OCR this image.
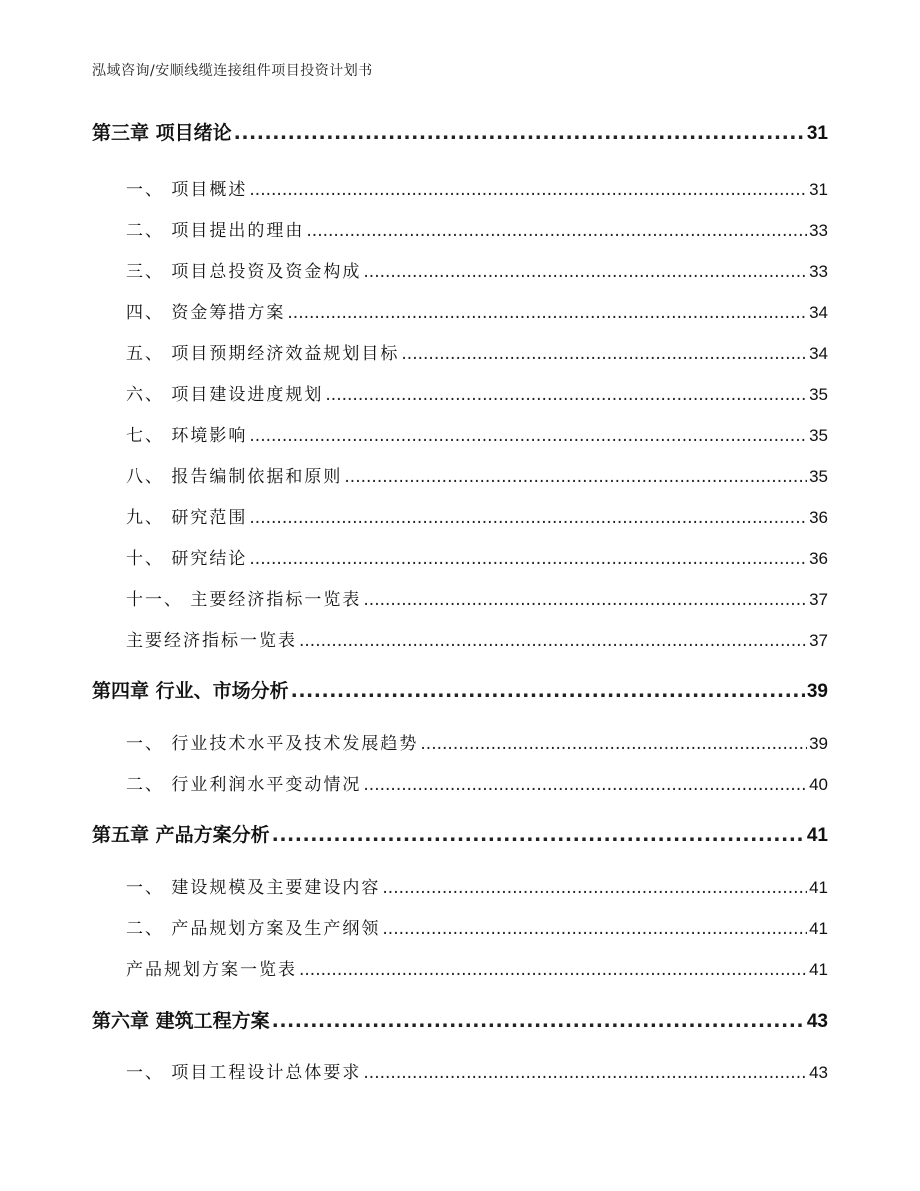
泓域咨询/安顺线缆连接组件项目投资计划书
第三章 项目绪论 .....	31
一、 项目概述 .....	31
二、 项目提出的理由 .....	33
三、 项目总投资及资金构成 .....	33
四、 资金筹措方案 .....	34
五、 项目预期经济效益规划目标 .....	34
六、 项目建设进度规划 .....	35
七、 环境影响 .....	35
八、 报告编制依据和原则 .....	35
九、 研究范围 .....	36
十、 研究结论 .....	36
十一、 主要经济指标一览表 .....	37
主要经济指标一览表 .....	37
第四章 行业、市场分析 .....	39
一、 行业技术水平及技术发展趋势 .....	39
二、 行业利润水平变动情况 .....	40
第五章 产品方案分析 .....	41
一、 建设规模及主要建设内容 .....	41
二、 产品规划方案及生产纲领 .....	41
产品规划方案一览表 .....	41
第六章 建筑工程方案 .....	43
一、 项目工程设计总体要求 .....	43
